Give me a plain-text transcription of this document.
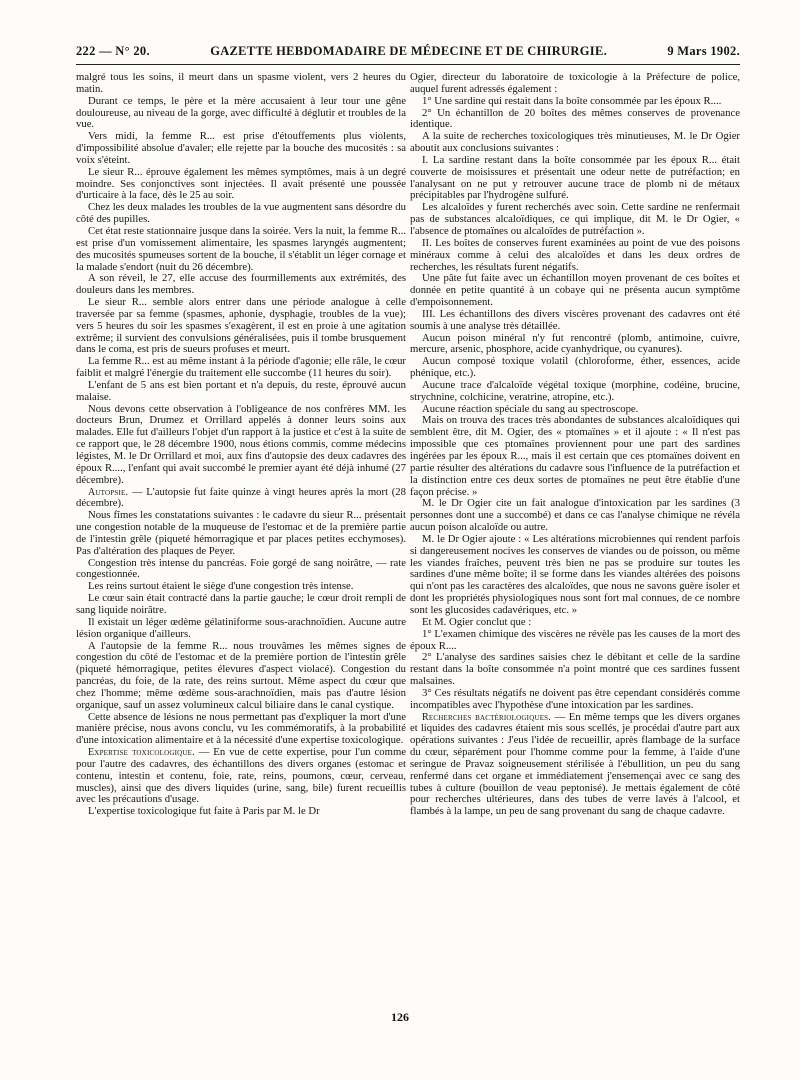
222 — N° 20.	GAZETTE HEBDOMADAIRE DE MÉDECINE ET DE CHIRURGIE.	9 Mars 1902.

malgré tous les soins, il meurt dans un spasme violent, vers 2 heures du matin.

Durant ce temps, le père et la mère accusaient à leur tour une gêne douloureuse, au niveau de la gorge, avec difficulté à déglutir et troubles de la vue.

Vers midi, la femme R... est prise d'étouffements plus violents, d'impossibilité absolue d'avaler; elle rejette par la bouche des mucosités : sa voix s'éteint.

Le sieur R... éprouve également les mêmes symptômes, mais à un degré moindre. Ses conjonctives sont injectées. Il avait présenté une poussée d'urticaire à la face, dès le 25 au soir.

Chez les deux malades les troubles de la vue augmentent sans désordre du côté des pupilles.

Cet état reste stationnaire jusque dans la soirée. Vers la nuit, la femme R... est prise d'un vomissement alimentaire, les spasmes laryngés augmentent; des mucosités spumeuses sortent de la bouche, il s'établit un léger cornage et la malade s'endort (nuit du 26 décembre).

A son réveil, le 27, elle accuse des fourmillements aux extrémités, des douleurs dans les membres.

Le sieur R... semble alors entrer dans une période analogue à celle traversée par sa femme (spasmes, aphonie, dysphagie, troubles de la vue); vers 5 heures du soir les spasmes s'exagèrent, il est en proie à une agitation extrême; il survient des convulsions généralisées, puis il tombe brusquement dans le coma, est pris de sueurs profuses et meurt.

La femme R... est au même instant à la période d'agonie; elle râle, le cœur faiblit et malgré l'énergie du traitement elle succombe (11 heures du soir).

L'enfant de 5 ans est bien portant et n'a depuis, du reste, éprouvé aucun malaise.

Nous devons cette observation à l'obligeance de nos confrères MM. les docteurs Brun, Drumez et Orrillard appelés à donner leurs soins aux malades. Elle fut d'ailleurs l'objet d'un rapport à la justice et c'est à la suite de ce rapport que, le 28 décembre 1900, nous étions commis, comme médecins légistes, M. le Dr Orrillard et moi, aux fins d'autopsie des deux cadavres des époux R...., l'enfant qui avait succombé le premier ayant été déjà inhumé (27 décembre).

Autopsie. — L'autopsie fut faite quinze à vingt heures après la mort (28 décembre).

Nous fîmes les constatations suivantes : le cadavre du sieur R... présentait une congestion notable de la muqueuse de l'estomac et de la première partie de l'intestin grêle (piqueté hémorragique et par places petites ecchymoses). Pas d'altération des plaques de Peyer.

Congestion très intense du pancréas. Foie gorgé de sang noirâtre, — rate congestionnée.

Les reins surtout étaient le siège d'une congestion très intense.

Le cœur sain était contracté dans la partie gauche; le cœur droit rempli de sang liquide noirâtre.

Il existait un léger œdème gélatiniforme sous-arachnoïdien. Aucune autre lésion organique d'ailleurs.

A l'autopsie de la femme R... nous trouvâmes les mêmes signes de congestion du côté de l'estomac et de la première portion de l'intestin grêle (piqueté hémorragique, petites élevures d'aspect violacé). Congestion du pancréas, du foie, de la rate, des reins surtout. Même aspect du cœur que chez l'homme; même œdème sous-arachnoïdien, mais pas d'autre lésion organique, sauf un assez volumineux calcul biliaire dans le canal cystique.

Cette absence de lésions ne nous permettant pas d'expliquer la mort d'une manière précise, nous avons conclu, vu les commémoratifs, à la probabilité d'une intoxication alimentaire et à la nécessité d'une expertise toxicologique.

Expertise toxicologique. — En vue de cette expertise, pour l'un comme pour l'autre des cadavres, des échantillons des divers organes (estomac et contenu, intestin et contenu, foie, rate, reins, poumons, cœur, cerveau, muscles), ainsi que des divers liquides (urine, sang, bile) furent recueillis avec les précautions d'usage.

L'expertise toxicologique fut faite à Paris par M. le Dr

Ogier, directeur du laboratoire de toxicologie à la Préfecture de police, auquel furent adressés également :

1° Une sardine qui restait dans la boîte consommée par les époux R....

2° Un échantillon de 20 boîtes des mêmes conserves de provenance identique.

A la suite de recherches toxicologiques très minutieuses, M. le Dr Ogier aboutit aux conclusions suivantes :

I. La sardine restant dans la boîte consommée par les époux R... était couverte de moisissures et présentait une odeur nette de putréfaction; en l'analysant on ne put y retrouver aucune trace de plomb ni de métaux précipitables par l'hydrogène sulfuré.

Les alcaloïdes y furent recherchés avec soin. Cette sardine ne renfermait pas de substances alcaloïdiques, ce qui implique, dit M. le Dr Ogier, « l'absence de ptomaïnes ou alcaloïdes de putréfaction ».

II. Les boîtes de conserves furent examinées au point de vue des poisons minéraux comme à celui des alcaloïdes et dans les deux ordres de recherches, les résultats furent négatifs.

Une pâte fut faite avec un échantillon moyen provenant de ces boîtes et donnée en petite quantité à un cobaye qui ne présenta aucun symptôme d'empoisonnement.

III. Les échantillons des divers viscères provenant des cadavres ont été soumis à une analyse très détaillée.

Aucun poison minéral n'y fut rencontré (plomb, antimoine, cuivre, mercure, arsenic, phosphore, acide cyanhydrique, ou cyanures).

Aucun composé toxique volatil (chloroforme, éther, essences, acide phénique, etc.).

Aucune trace d'alcaloïde végétal toxique (morphine, codéine, brucine, strychnine, colchicine, veratrine, atropine, etc.).

Aucune réaction spéciale du sang au spectroscope.

Mais on trouva des traces très abondantes de substances alcaloïdiques qui semblent être, dit M. Ogier, des « ptomaïnes » et il ajoute : « Il n'est pas impossible que ces ptomaïnes proviennent pour une part des sardines ingérées par les époux R..., mais il est certain que ces ptomaïnes doivent en partie résulter des altérations du cadavre sous l'influence de la putréfaction et la distinction entre ces deux sortes de ptomaïnes ne peut être établie d'une façon précise. »

M. le Dr Ogier cite un fait analogue d'intoxication par les sardines (3 personnes dont une a succombé) et dans ce cas l'analyse chimique ne révéla aucun poison alcaloïde ou autre.

M. le Dr Ogier ajoute : « Les altérations microbiennes qui rendent parfois si dangereusement nocives les conserves de viandes ou de poisson, ou même les viandes fraîches, peuvent très bien ne pas se produire sur toutes les sardines d'une même boîte; il se forme dans les viandes altérées des poisons qui n'ont pas les caractères des alcaloïdes, que nous ne savons guère isoler et dont les propriétés physiologiques nous sont fort mal connues, de ce nombre sont les glucosides cadavériques, etc. »

Et M. Ogier conclut que :

1° L'examen chimique des viscères ne révèle pas les causes de la mort des époux R....

2° L'analyse des sardines saisies chez le débitant et celle de la sardine restant dans la boîte consommée n'a point montré que ces sardines fussent malsaines.

3° Ces résultats négatifs ne doivent pas être cependant considérés comme incompatibles avec l'hypothèse d'une intoxication par les sardines.

Recherches bactériologiques. — En même temps que les divers organes et liquides des cadavres étaient mis sous scellés, je procédai d'autre part aux opérations suivantes : J'eus l'idée de recueillir, après flambage de la surface du cœur, séparément pour l'homme comme pour la femme, à l'aide d'une seringue de Pravaz soigneusement stérilisée à l'ébullition, un peu du sang renfermé dans cet organe et immédiatement j'ensemençai avec ce sang des tubes à culture (bouillon de veau peptonisé). Je mettais également de côté pour recherches ultérieures, dans des tubes de verre lavés à l'alcool, et flambés à la lampe, un peu de sang provenant du sang de chaque cadavre.

126
